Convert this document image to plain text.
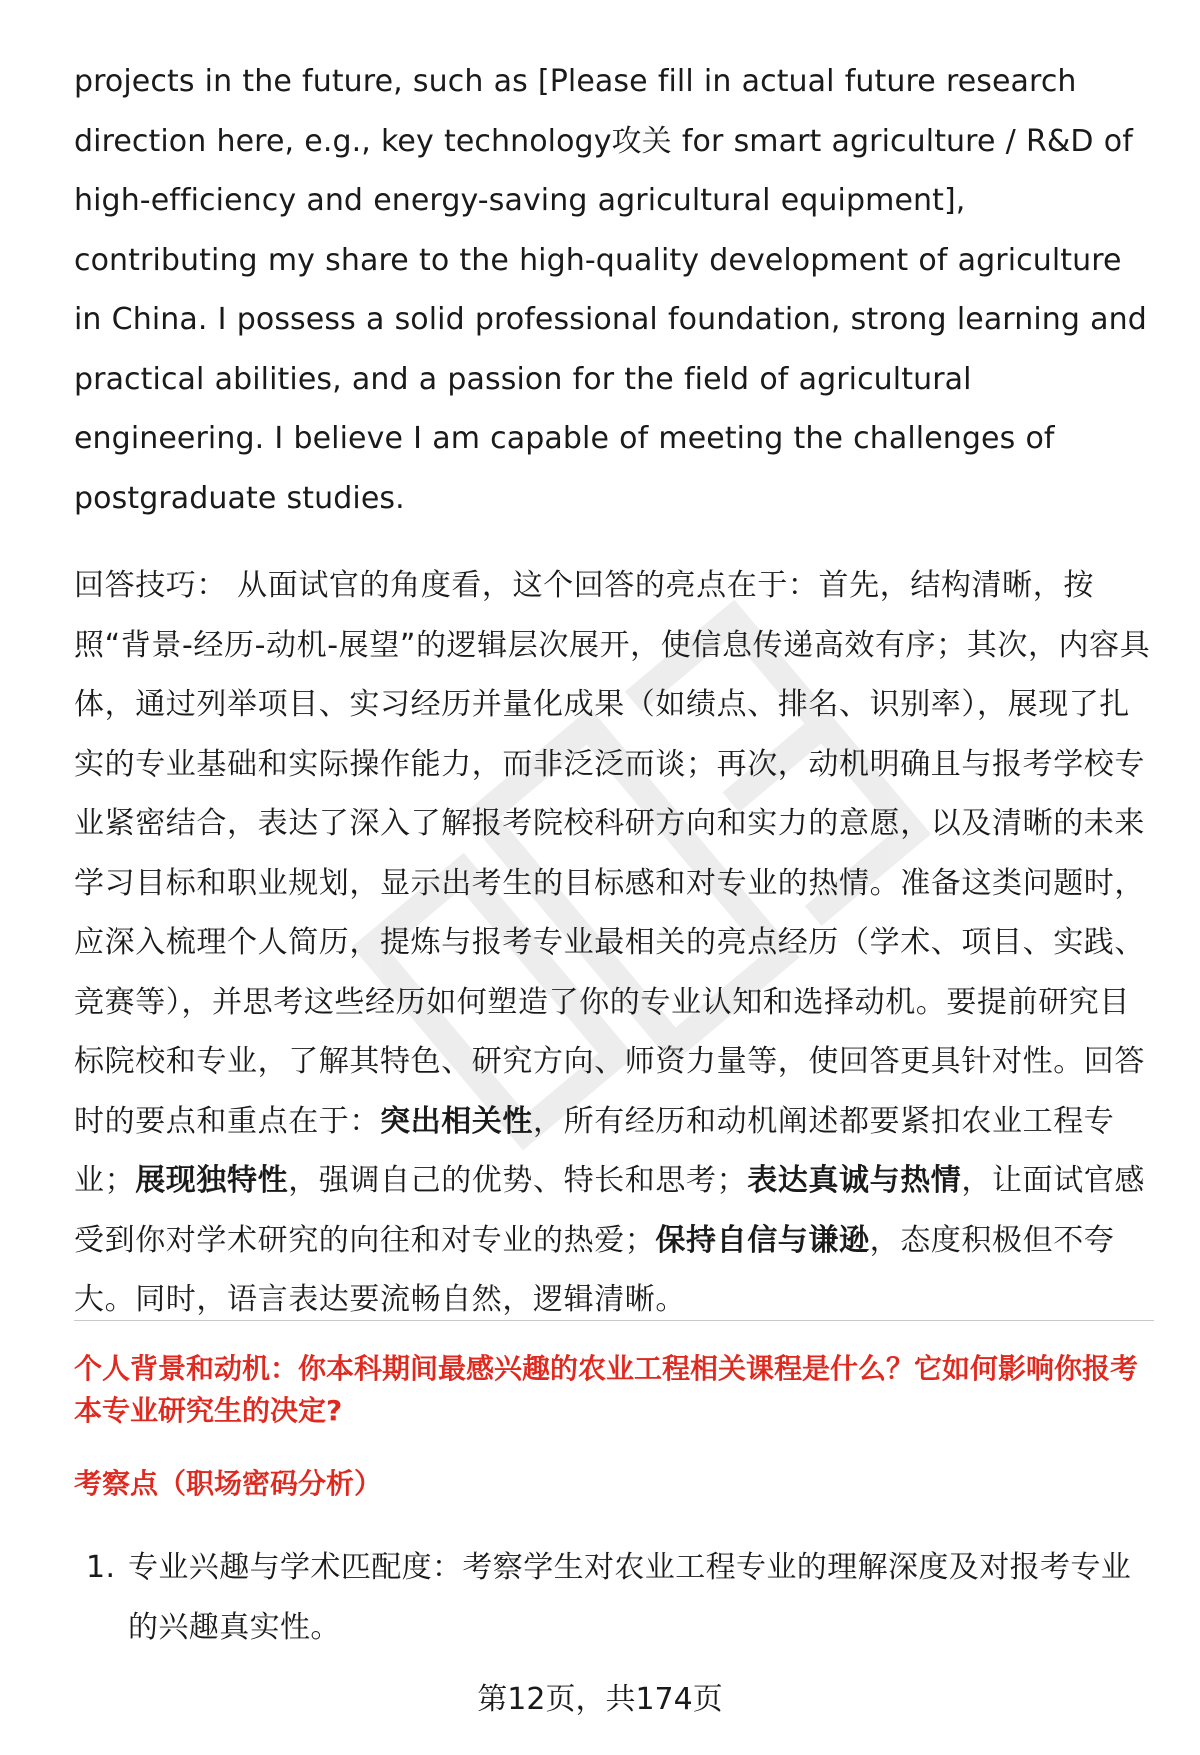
projects in the future, such as [Please fill in actual future research direction here, e.g., key technology攻关 for smart agriculture / R&D of high-efficiency and energy-saving agricultural equipment], contributing my share to the high-quality development of agriculture in China. I possess a solid professional foundation, strong learning and practical abilities, and a passion for the field of agricultural engineering. I believe I am capable of meeting the challenges of postgraduate studies.

回答技巧： 从面试官的角度看，这个回答的亮点在于：首先，结构清晰，按照“背景-经历-动机-展望”的逻辑层次展开，使信息传递高效有序；其次，内容具体，通过列举项目、实习经历并量化成果（如绩点、排名、识别率），展现了扎实的专业基础和实际操作能力，而非泛泛而谈；再次，动机明确且与报考学校专业紧密结合，表达了深入了解报考院校科研方向和实力的意愿，以及清晰的未来学习目标和职业规划，显示出考生的目标感和对专业的热情。准备这类问题时，应深入梳理个人简历，提炼与报考专业最相关的亮点经历（学术、项目、实践、竞赛等），并思考这些经历如何塑造了你的专业认知和选择动机。要提前研究目标院校和专业，了解其特色、研究方向、师资力量等，使回答更具针对性。回答时的要点和重点在于：突出相关性，所有经历和动机阐述都要紧扣农业工程专业；展现独特性，强调自己的优势、特长和思考；表达真诚与热情，让面试官感受到你对学术研究的向往和对专业的热爱；保持自信与谦逊，态度积极但不夸大。同时，语言表达要流畅自然，逻辑清晰。

个人背景和动机：你本科期间最感兴趣的农业工程相关课程是什么？它如何影响你报考本专业研究生的决定?

考察点（职场密码分析）

1. 专业兴趣与学术匹配度：考察学生对农业工程专业的理解深度及对报考专业的兴趣真实性。
第12页，共174页
